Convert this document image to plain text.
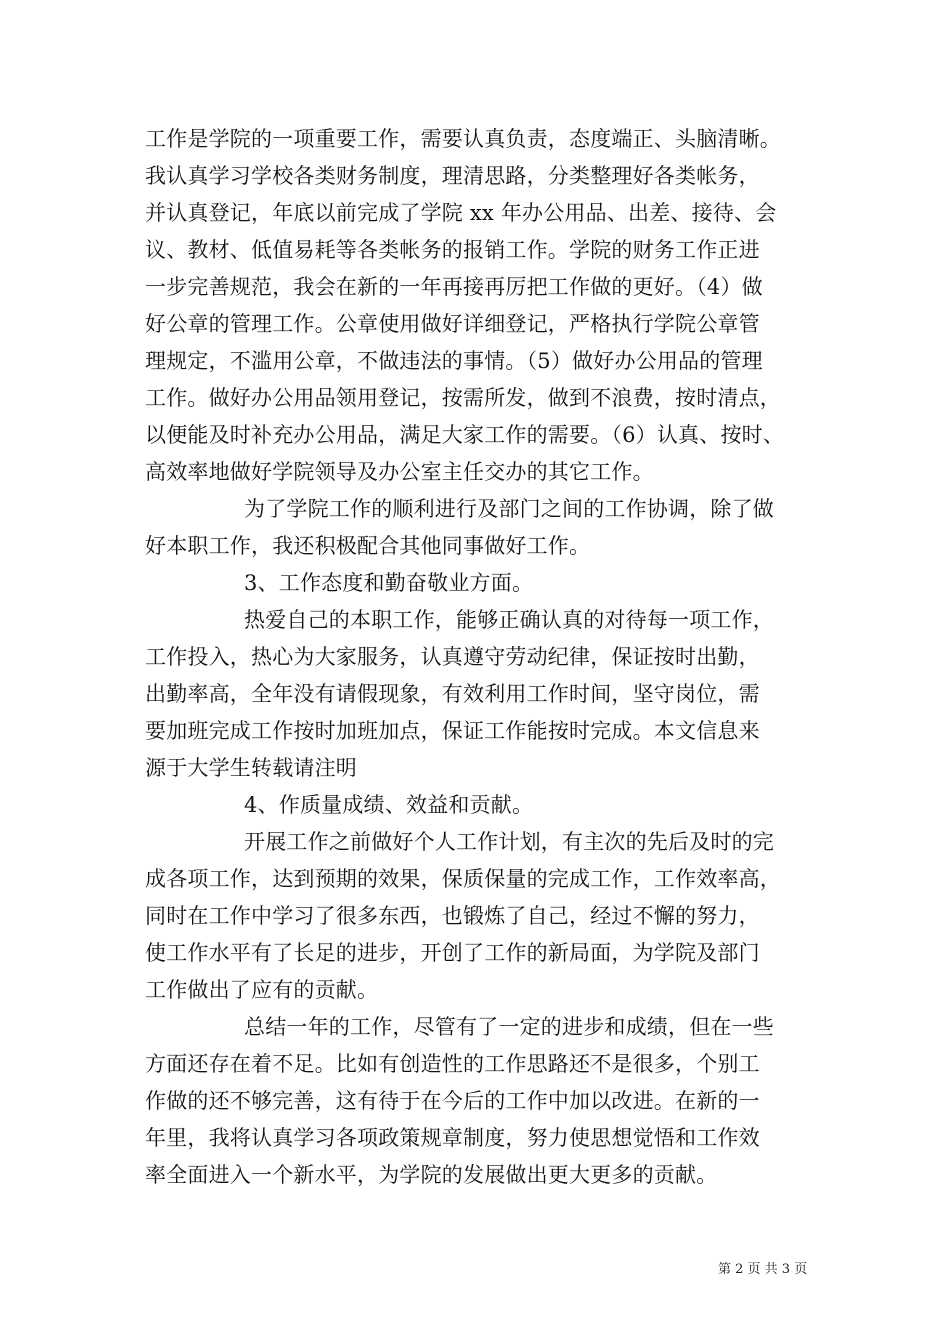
工作是学院的一项重要工作，需要认真负责，态度端正、头脑清晰。
我认真学习学校各类财务制度，理清思路，分类整理好各类帐务，
并认真登记，年底以前完成了学院 xx 年办公用品、出差、接待、会
议、教材、低值易耗等各类帐务的报销工作。学院的财务工作正进
一步完善规范，我会在新的一年再接再厉把工作做的更好。（4）做
好公章的管理工作。公章使用做好详细登记，严格执行学院公章管
理规定，不滥用公章，不做违法的事情。（5）做好办公用品的管理
工作。做好办公用品领用登记，按需所发，做到不浪费，按时清点，
以便能及时补充办公用品，满足大家工作的需要。（6）认真、按时、
高效率地做好学院领导及办公室主任交办的其它工作。
为了学院工作的顺利进行及部门之间的工作协调，除了做
好本职工作，我还积极配合其他同事做好工作。
3、工作态度和勤奋敬业方面。
热爱自己的本职工作，能够正确认真的对待每一项工作，
工作投入，热心为大家服务，认真遵守劳动纪律，保证按时出勤，
出勤率高，全年没有请假现象，有效利用工作时间，坚守岗位，需
要加班完成工作按时加班加点，保证工作能按时完成。本文信息来
源于大学生转载请注明
4、作质量成绩、效益和贡献。
开展工作之前做好个人工作计划，有主次的先后及时的完
成各项工作，达到预期的效果，保质保量的完成工作，工作效率高，
同时在工作中学习了很多东西，也锻炼了自己，经过不懈的努力，
使工作水平有了长足的进步，开创了工作的新局面，为学院及部门
工作做出了应有的贡献。
总结一年的工作，尽管有了一定的进步和成绩，但在一些
方面还存在着不足。比如有创造性的工作思路还不是很多，个别工
作做的还不够完善，这有待于在今后的工作中加以改进。在新的一
年里，我将认真学习各项政策规章制度，努力使思想觉悟和工作效
率全面进入一个新水平，为学院的发展做出更大更多的贡献。
第 2 页 共 3 页
